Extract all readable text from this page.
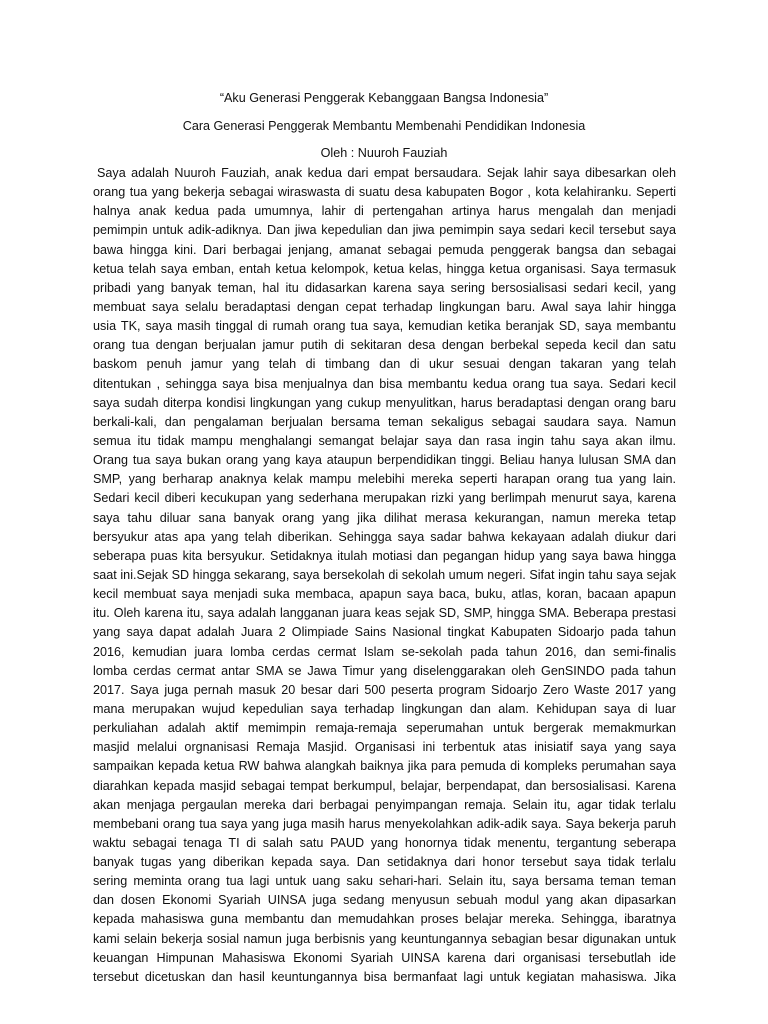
“Aku Generasi Penggerak Kebanggaan Bangsa Indonesia”
Cara Generasi Penggerak Membantu Membenahi Pendidikan Indonesia
Oleh : Nuuroh Fauziah
Saya adalah Nuuroh Fauziah, anak kedua dari empat bersaudara. Sejak lahir saya dibesarkan oleh
orang tua yang bekerja sebagai wiraswasta di suatu desa kabupaten Bogor , kota kelahiranku. Seperti
halnya anak kedua pada umumnya, lahir di pertengahan artinya harus mengalah dan menjadi
pemimpin untuk adik-adiknya. Dan jiwa kepedulian dan jiwa pemimpin saya sedari kecil tersebut saya
bawa hingga kini. Dari berbagai jenjang, amanat sebagai pemuda penggerak bangsa dan sebagai
ketua telah saya emban, entah ketua kelompok, ketua kelas, hingga ketua organisasi. Saya termasuk
pribadi yang banyak teman, hal itu didasarkan karena saya sering bersosialisasi sedari kecil, yang
membuat saya selalu beradaptasi dengan cepat terhadap lingkungan baru. Awal saya lahir hingga
usia TK, saya masih tinggal di rumah orang tua saya, kemudian ketika beranjak SD, saya membantu
orang tua dengan berjualan jamur putih di sekitaran desa dengan berbekal sepeda kecil dan satu
baskom penuh jamur yang telah di timbang dan di ukur sesuai dengan takaran yang telah
ditentukan , sehingga saya bisa menjualnya dan bisa membantu kedua orang tua saya. Sedari kecil
saya sudah diterpa kondisi lingkungan yang cukup menyulitkan, harus beradaptasi dengan orang baru
berkali-kali, dan pengalaman berjualan bersama teman sekaligus sebagai saudara saya. Namun
semua itu tidak mampu menghalangi semangat belajar saya dan rasa ingin tahu saya akan ilmu.
Orang tua saya bukan orang yang kaya ataupun berpendidikan tinggi. Beliau hanya lulusan SMA dan
SMP, yang berharap anaknya kelak mampu melebihi mereka seperti harapan orang tua yang lain.
Sedari kecil diberi kecukupan yang sederhana merupakan rizki yang berlimpah menurut saya, karena
saya tahu diluar sana banyak orang yang jika dilihat merasa kekurangan, namun mereka tetap
bersyukur atas apa yang telah diberikan. Sehingga saya sadar bahwa kekayaan adalah diukur dari
seberapa puas kita bersyukur. Setidaknya itulah motiasi dan pegangan hidup yang saya bawa hingga
saat ini.Sejak SD hingga sekarang, saya bersekolah di sekolah umum negeri. Sifat ingin tahu saya sejak
kecil membuat saya menjadi suka membaca, apapun saya baca, buku, atlas, koran, bacaan apapun
itu. Oleh karena itu, saya adalah langganan juara keas sejak SD, SMP, hingga SMA. Beberapa prestasi
yang saya dapat adalah Juara 2 Olimpiade Sains Nasional tingkat Kabupaten Sidoarjo pada tahun
2016, kemudian juara lomba cerdas cermat Islam se-sekolah pada tahun 2016, dan semi-finalis
lomba cerdas cermat antar SMA se Jawa Timur yang diselenggarakan oleh GenSINDO pada tahun
2017. Saya juga pernah masuk 20 besar dari 500 peserta program Sidoarjo Zero Waste 2017 yang
mana merupakan wujud kepedulian saya terhadap lingkungan dan alam. Kehidupan saya di luar
perkuliahan adalah aktif memimpin remaja-remaja seperumahan untuk bergerak memakmurkan
masjid melalui orgnanisasi Remaja Masjid. Organisasi ini terbentuk atas inisiatif saya yang saya
sampaikan kepada ketua RW bahwa alangkah baiknya jika para pemuda di kompleks perumahan saya
diarahkan kepada masjid sebagai tempat berkumpul, belajar, berpendapat, dan bersosialisasi. Karena
akan menjaga pergaulan mereka dari berbagai penyimpangan remaja. Selain itu, agar tidak terlalu
membebani orang tua saya yang juga masih harus menyekolahkan adik-adik saya. Saya bekerja paruh
waktu sebagai tenaga TI di salah satu PAUD yang honornya tidak menentu, tergantung seberapa
banyak tugas yang diberikan kepada saya. Dan setidaknya dari honor tersebut saya tidak terlalu
sering meminta orang tua lagi untuk uang saku sehari-hari. Selain itu, saya bersama teman teman
dan dosen Ekonomi Syariah UINSA juga sedang menyusun sebuah modul yang akan dipasarkan
kepada mahasiswa guna membantu dan memudahkan proses belajar mereka. Sehingga, ibaratnya
kami selain bekerja sosial namun juga berbisnis yang keuntungannya sebagian besar digunakan untuk
keuangan Himpunan Mahasiswa Ekonomi Syariah UINSA karena dari organisasi tersebutlah ide
tersebut dicetuskan dan hasil keuntungannya bisa bermanfaat lagi untuk kegiatan mahasiswa. Jika
